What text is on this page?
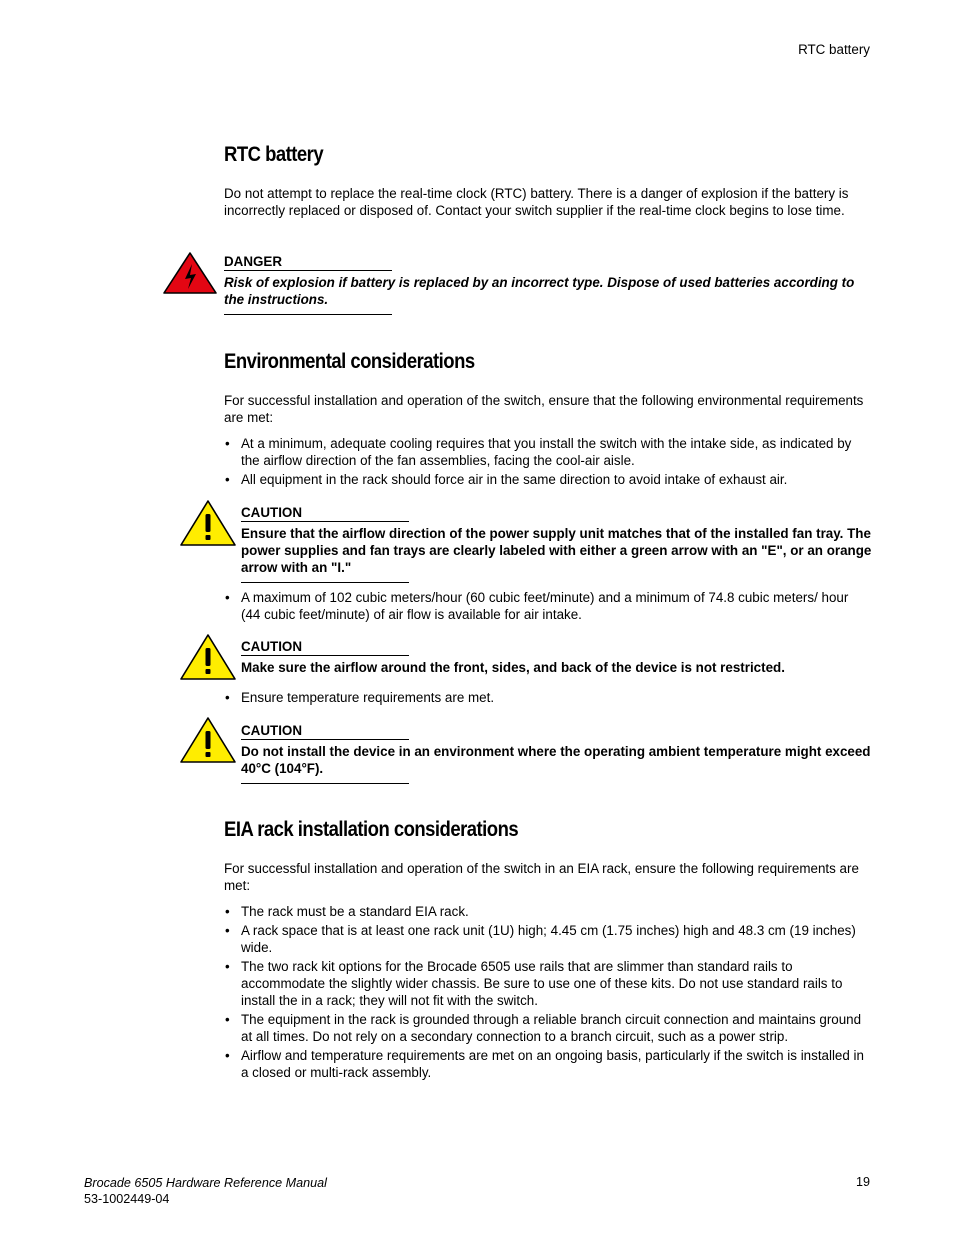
RTC battery
RTC battery

Do not attempt to replace the real-time clock (RTC) battery. There is a danger of explosion if the battery is incorrectly replaced or disposed of. Contact your switch supplier if the real-time clock begins to lose time.

DANGER
Risk of explosion if battery is replaced by an incorrect type. Dispose of used batteries according to the instructions.
Environmental considerations

For successful installation and operation of the switch, ensure that the following environmental requirements are met:

• At a minimum, adequate cooling requires that you install the switch with the intake side, as indicated by the airflow direction of the fan assemblies, facing the cool-air aisle.
• All equipment in the rack should force air in the same direction to avoid intake of exhaust air.
CAUTION
Ensure that the airflow direction of the power supply unit matches that of the installed fan tray. The power supplies and fan trays are clearly labeled with either a green arrow with an "E", or an orange arrow with an "I."
• A maximum of 102 cubic meters/hour (60 cubic feet/minute) and a minimum of 74.8 cubic meters/ hour (44 cubic feet/minute) of air flow is available for air intake.
CAUTION
Make sure the airflow around the front, sides, and back of the device is not restricted.
• Ensure temperature requirements are met.
CAUTION
Do not install the device in an environment where the operating ambient temperature might exceed 40°C (104°F).
EIA rack installation considerations

For successful installation and operation of the switch in an EIA rack, ensure the following requirements are met:

• The rack must be a standard EIA rack.
• A rack space that is at least one rack unit (1U) high; 4.45 cm (1.75 inches) high and 48.3 cm (19 inches) wide.
• The two rack kit options for the Brocade 6505 use rails that are slimmer than standard rails to accommodate the slightly wider chassis. Be sure to use one of these kits. Do not use standard rails to install the in a rack; they will not fit with the switch.
• The equipment in the rack is grounded through a reliable branch circuit connection and maintains ground at all times. Do not rely on a secondary connection to a branch circuit, such as a power strip.
• Airflow and temperature requirements are met on an ongoing basis, particularly if the switch is installed in a closed or multi-rack assembly.
Brocade 6505 Hardware Reference Manual
53-1002449-04
19
